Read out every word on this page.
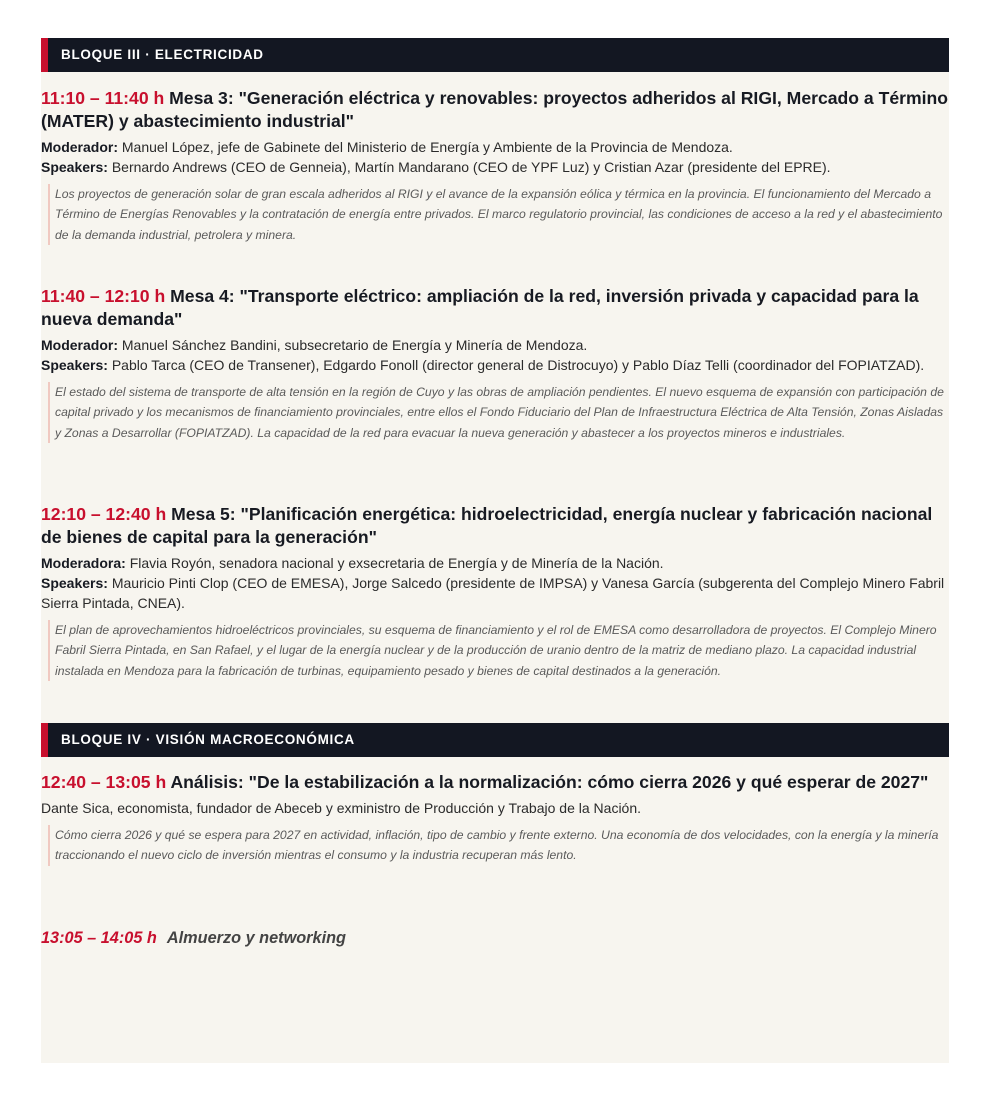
BLOQUE III · ELECTRICIDAD

11:10 – 11:40 h Mesa 3: "Generación eléctrica y renovables: proyectos adheridos al RIGI, Mercado a Término (MATER) y abastecimiento industrial"

Moderador: Manuel López, jefe de Gabinete del Ministerio de Energía y Ambiente de la Provincia de Mendoza.

Speakers: Bernardo Andrews (CEO de Genneia), Martín Mandarano (CEO de YPF Luz) y Cristian Azar (presidente del EPRE).

Los proyectos de generación solar de gran escala adheridos al RIGI y el avance de la expansión eólica y térmica en la provincia. El funcionamiento del Mercado a Término de Energías Renovables y la contratación de energía entre privados. El marco regulatorio provincial, las condiciones de acceso a la red y el abastecimiento de la demanda industrial, petrolera y minera.

11:40 – 12:10 h Mesa 4: "Transporte eléctrico: ampliación de la red, inversión privada y capacidad para la nueva demanda"

Moderador: Manuel Sánchez Bandini, subsecretario de Energía y Minería de Mendoza.

Speakers: Pablo Tarca (CEO de Transener), Edgardo Fonoll (director general de Distrocuyo) y Pablo Díaz Telli (coordinador del FOPIATZAD).

El estado del sistema de transporte de alta tensión en la región de Cuyo y las obras de ampliación pendientes. El nuevo esquema de expansión con participación de capital privado y los mecanismos de financiamiento provinciales, entre ellos el Fondo Fiduciario del Plan de Infraestructura Eléctrica de Alta Tensión, Zonas Aisladas y Zonas a Desarrollar (FOPIATZAD). La capacidad de la red para evacuar la nueva generación y abastecer a los proyectos mineros e industriales.

12:10 – 12:40 h Mesa 5: "Planificación energética: hidroelectricidad, energía nuclear y fabricación nacional de bienes de capital para la generación"

Moderadora: Flavia Royón, senadora nacional y exsecretaria de Energía y de Minería de la Nación.

Speakers: Mauricio Pinti Clop (CEO de EMESA), Jorge Salcedo (presidente de IMPSA) y Vanesa García (subgerenta del Complejo Minero Fabril Sierra Pintada, CNEA).

El plan de aprovechamientos hidroeléctricos provinciales, su esquema de financiamiento y el rol de EMESA como desarrolladora de proyectos. El Complejo Minero Fabril Sierra Pintada, en San Rafael, y el lugar de la energía nuclear y de la producción de uranio dentro de la matriz de mediano plazo. La capacidad industrial instalada en Mendoza para la fabricación de turbinas, equipamiento pesado y bienes de capital destinados a la generación.
BLOQUE IV · VISIÓN MACROECONÓMICA

12:40 – 13:05 h Análisis: "De la estabilización a la normalización: cómo cierra 2026 y qué esperar de 2027"

Dante Sica, economista, fundador de Abeceb y exministro de Producción y Trabajo de la Nación.

Cómo cierra 2026 y qué se espera para 2027 en actividad, inflación, tipo de cambio y frente externo. Una economía de dos velocidades, con la energía y la minería traccionando el nuevo ciclo de inversión mientras el consumo y la industria recuperan más lento.
13:05 – 14:05 h Almuerzo y networking
